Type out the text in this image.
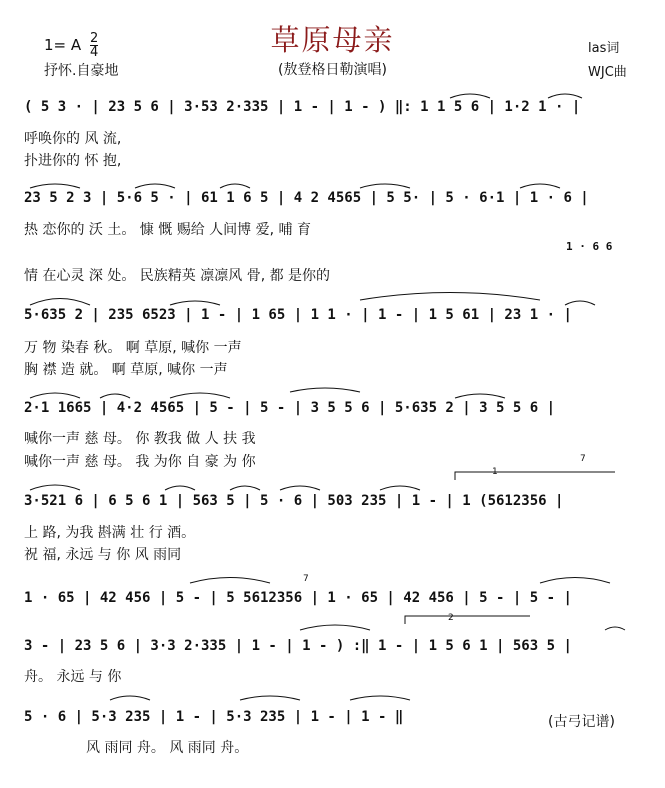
草原母亲
(敖登格日勒演唱)
1= A $\frac{2}{4}$
抒怀.自豪地
las词
WJC曲
( 5 3 · | 23 5 6 | 3·53 2·335 | 1 - | 1 - ) ‖: 1 1 5 6 | 1·2 1 · |
呼唤你的 风 流,
扑进你的 怀 抱,
23 5 2 3 | 5·6 5 · | 61 1 6 5 | 4 2 4565 | 5 5· | 5 · 6·1 | 1 · 6 |
热 恋你的 沃 土。 慷 慨 赐给 人间博 爱, 哺 育
1 · 6 6
情 在心灵 深 处。 民族精英 凛凛风 骨, 都 是你的
5·635 2 | 235 6523 | 1 - | 1 65 | 1 1 · | 1 - | 1 5 61 | 23 1 · |
万 物 染春 秋。 啊 草原, 喊你 一声
胸 襟 造 就。 啊 草原, 喊你 一声
2·1 1665 | 4·2 4565 | 5 - | 5 - | 3 5 5 6 | 5·635 2 | 3 5 5 6 |
喊你一声 慈 母。 你 教我 做 人 扶 我
喊你一声 慈 母。 我 为你 自 豪 为 你
3·521 6 | 6 5 6 1 | 563 5 | 5 · 6 | 503 235 | 1 - | 1 (5612356 |
上 路, 为我 斟满 壮 行 酒。
祝 福, 永远 与 你 风 雨同
1 · 65 | 42 456 | 5 - | 5 5612356 | 1 · 65 | 42 456 | 5 - | 5 - |
3 - | 23 5 6 | 3·3 2·335 | 1 - | 1 - ) :‖ 1 - | 1 5 6 1 | 563 5 |
舟。 永远 与 你
5 · 6 | 5·3 235 | 1 - | 5·3 235 | 1 - | 1 - ‖
风 雨同 舟。 风 雨同 舟。
(古弓记谱)
1
7
2
7
